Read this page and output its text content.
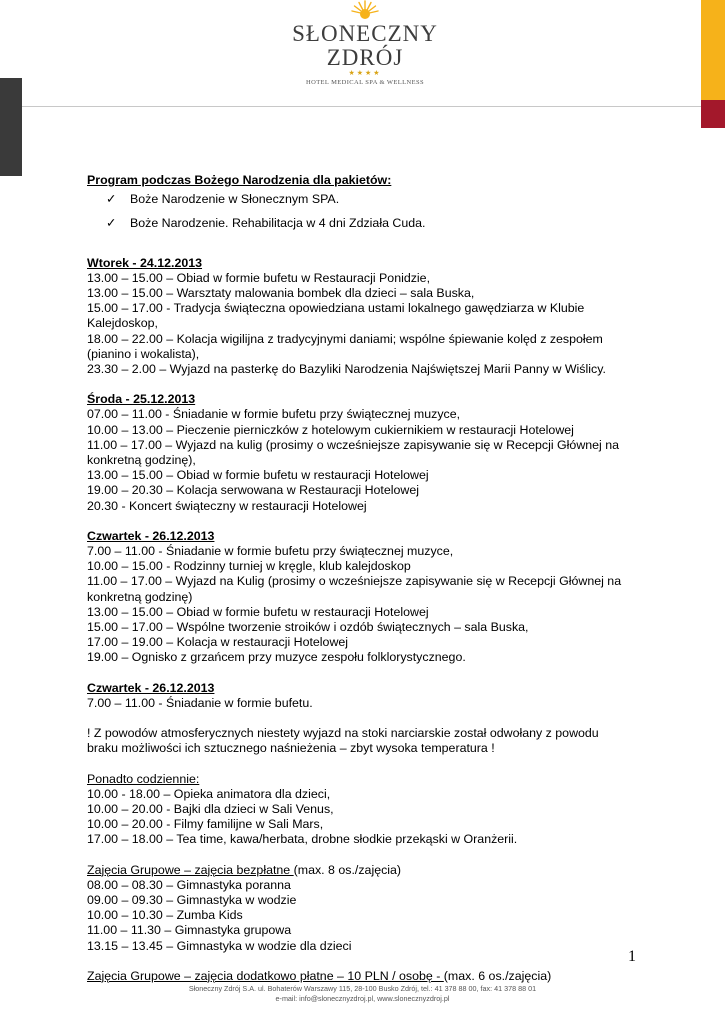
SŁONECZNY ZDRÓJ
★★★★
HOTEL MEDICAL SPA & WELLNESS

Program podczas Bożego Narodzenia dla pakietów:

✓ Boże Narodzenie w Słonecznym SPA.
✓ Boże Narodzenie. Rehabilitacja w 4 dni Zdziała Cuda.

Wtorek - 24.12.2013

13.00 – 15.00 – Obiad w formie bufetu w Restauracji Ponidzie,

13.00 – 15.00 – Warsztaty malowania bombek dla dzieci – sala Buska,

15.00 – 17.00 - Tradycja świąteczna opowiedziana ustami lokalnego gawędziarza w Klubie Kalejdoskop,

18.00 – 22.00 – Kolacja wigilijna z tradycyjnymi daniami; wspólne śpiewanie kolęd z zespołem (pianino i wokalista),

23.30 – 2.00 – Wyjazd na pasterkę do Bazyliki Narodzenia Najświętszej Marii Panny w Wiślicy.

Środa - 25.12.2013

07.00 – 11.00 - Śniadanie w formie bufetu przy świątecznej muzyce,

10.00 – 13.00 – Pieczenie pierniczków z hotelowym cukiernikiem w restauracji Hotelowej

11.00 – 17.00 – Wyjazd na kulig (prosimy o wcześniejsze zapisywanie się w Recepcji Głównej na konkretną godzinę),

13.00 – 15.00 – Obiad w formie bufetu w restauracji Hotelowej

19.00 – 20.30 – Kolacja serwowana w Restauracji Hotelowej

20.30 - Koncert świąteczny w restauracji Hotelowej

Czwartek - 26.12.2013

7.00 – 11.00 - Śniadanie w formie bufetu przy świątecznej muzyce,

10.00 – 15.00 - Rodzinny turniej w kręgle, klub kalejdoskop

11.00 – 17.00 – Wyjazd na Kulig (prosimy o wcześniejsze zapisywanie się w Recepcji Głównej na konkretną godzinę)

13.00 – 15.00 – Obiad w formie bufetu w restauracji Hotelowej

15.00 – 17.00 – Wspólne tworzenie stroików i ozdób świątecznych – sala Buska,

17.00 – 19.00 – Kolacja w restauracji Hotelowej

19.00 – Ognisko z grzańcem przy muzyce zespołu folklorystycznego.

Czwartek - 26.12.2013

7.00 – 11.00 - Śniadanie w formie bufetu.

! Z powodów atmosferycznych niestety wyjazd na stoki narciarskie został odwołany z powodu braku możliwości ich sztucznego naśnieżenia – zbyt wysoka temperatura !

Ponadto codziennie:

10.00 - 18.00 – Opieka animatora dla dzieci,

10.00 – 20.00 - Bajki dla dzieci w Sali Venus,

10.00 – 20.00 - Filmy familijne w Sali Mars,

17.00 – 18.00 – Tea time, kawa/herbata, drobne słodkie przekąski w Oranżerii.

Zajęcia Grupowe – zajęcia bezpłatne (max. 8 os./zajęcia)

08.00 – 08.30 – Gimnastyka poranna

09.00 – 09.30 – Gimnastyka w wodzie

10.00 – 10.30 – Zumba Kids

11.00 – 11.30 – Gimnastyka grupowa

13.15 – 13.45 – Gimnastyka w wodzie dla dzieci

Zajęcia Grupowe – zajęcia dodatkowo płatne – 10 PLN / osobę - (max. 6 os./zajęcia)

1
Słoneczny Zdrój S.A. ul. Bohaterów Warszawy 115, 28-100 Busko Zdrój, tel.: 41 378 88 00, fax: 41 378 88 01
e-mail: info@slonecznyzdroj.pl, www.slonecznyzdroj.pl
